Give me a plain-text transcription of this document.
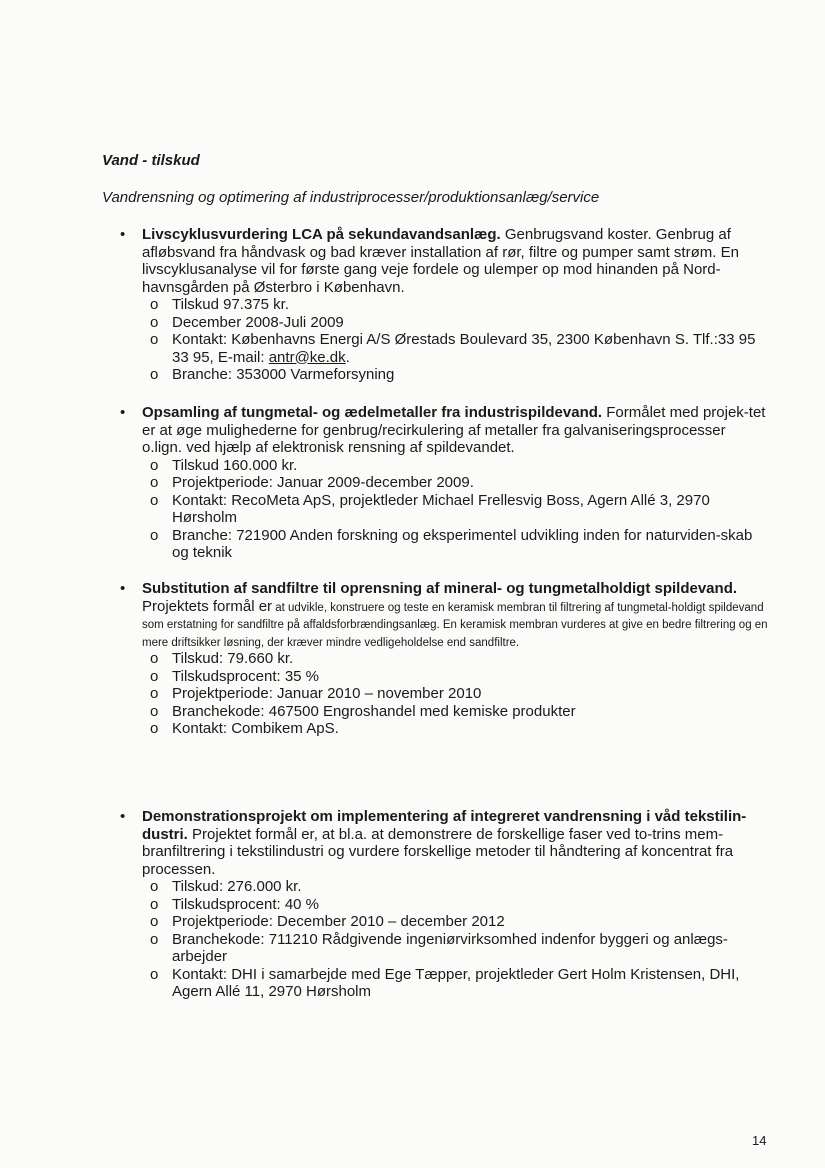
Vand - tilskud
Vandrensning og optimering af industriprocesser/produktionsanlæg/service
• Livscyklusvurdering LCA på sekundavandsanlæg. Genbrugsvand koster. Genbrug af afløbsvand fra håndvask og bad kræver installation af rør, filtre og pumper samt strøm. En livscyklusanalyse vil for første gang veje fordele og ulemper op mod hinanden på Nord-havnsgården på Østerbro i København.
o Tilskud 97.375 kr.
o December 2008-Juli 2009
o Kontakt: Københavns Energi A/S Ørestads Boulevard 35, 2300 København S. Tlf.:33 95 33 95, E-mail: antr@ke.dk.
o Branche: 353000 Varmeforsyning
• Opsamling af tungmetal- og ædelmetaller fra industrispildevand. Formålet med projek-tet er at øge mulighederne for genbrug/recirkulering af metaller fra galvaniseringsprocesser o.lign. ved hjælp af elektronisk rensning af spildevandet.
o Tilskud 160.000 kr.
o Projektperiode: Januar 2009-december 2009.
o Kontakt: RecoMeta ApS, projektleder Michael Frellesvig Boss, Agern Allé 3, 2970 Hørsholm
o Branche: 721900 Anden forskning og eksperimentel udvikling inden for naturviden-skab og teknik
• Substitution af sandfiltre til oprensning af mineral- og tungmetalholdigt spildevand. Projektets formål er at udvikle, konstruere og teste en keramisk membran til filtrering af tungmetal-holdigt spildevand som erstatning for sandfiltre på affaldsforbrændingsanlæg. En keramisk membran vurderes at give en bedre filtrering og en mere driftsikker løsning, der kræver mindre vedligeholdelse end sandfiltre.
o Tilskud: 79.660 kr.
o Tilskudsprocent: 35 %
o Projektperiode: Januar 2010 – november 2010
o Branchekode: 467500 Engroshandel med kemiske produkter
o Kontakt: Combikem ApS.
• Demonstrationsprojekt om implementering af integreret vandrensning i våd tekstilin-dustri. Projektet formål er, at bl.a. at demonstrere de forskellige faser ved to-trins mem-branfiltrering i tekstilindustri og vurdere forskellige metoder til håndtering af koncentrat fra processen.
o Tilskud: 276.000 kr.
o Tilskudsprocent: 40 %
o Projektperiode: December 2010 – december 2012
o Branchekode: 711210 Rådgivende ingeniørvirksomhed indenfor byggeri og anlægs-arbejder
o Kontakt: DHI i samarbejde med Ege Tæpper, projektleder Gert Holm Kristensen, DHI, Agern Allé 11, 2970 Hørsholm
14
